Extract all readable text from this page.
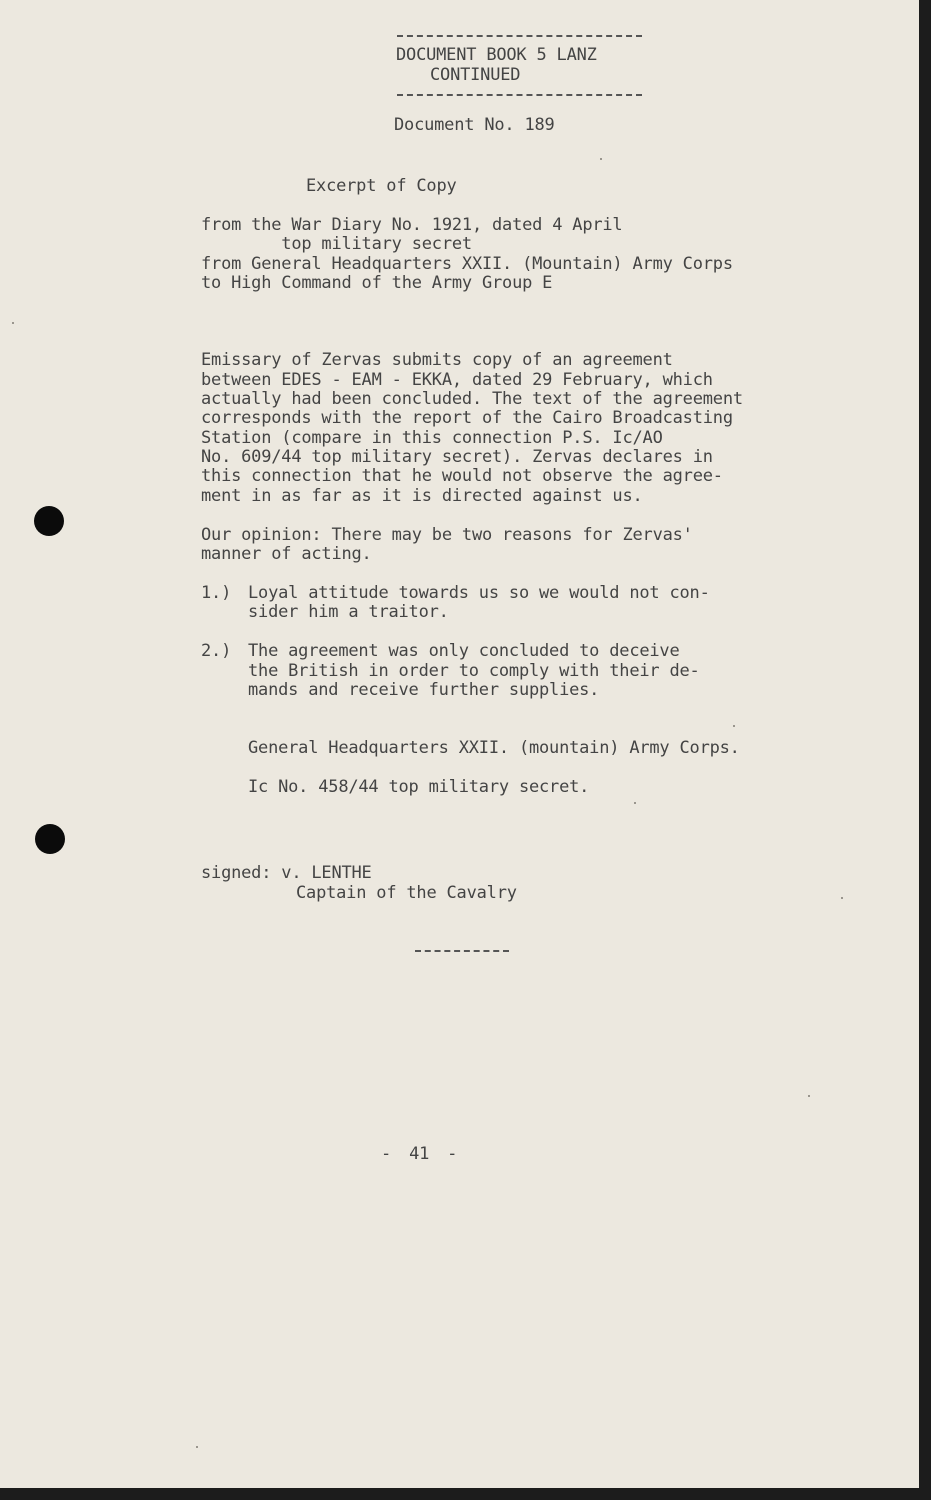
DOCUMENT BOOK 5 LANZ
CONTINUED
Document No. 189
Excerpt of Copy
from the War Diary No. 1921, dated 4 April
top military secret
from General Headquarters XXII. (Mountain) Army Corps
to High Command of the Army Group E
Emissary of Zervas submits copy of an agreement
between EDES - EAM - EKKA, dated 29 February, which
actually had been concluded. The text of the agreement
corresponds with the report of the Cairo Broadcasting
Station (compare in this connection P.S. Ic/AO
No. 609/44 top military secret). Zervas declares in
this connection that he would not observe the agree-
ment in as far as it is directed against us.
Our opinion: There may be two reasons for Zervas'
manner of acting.
1.) Loyal attitude towards us so we would not con-
sider him a traitor.
2.) The agreement was only concluded to deceive
the British in order to comply with their de-
mands and receive further supplies.
General Headquarters XXII. (mountain) Army Corps.
Ic No. 458/44 top military secret.
signed: v. LENTHE
Captain of the Cavalry
- 41 -
